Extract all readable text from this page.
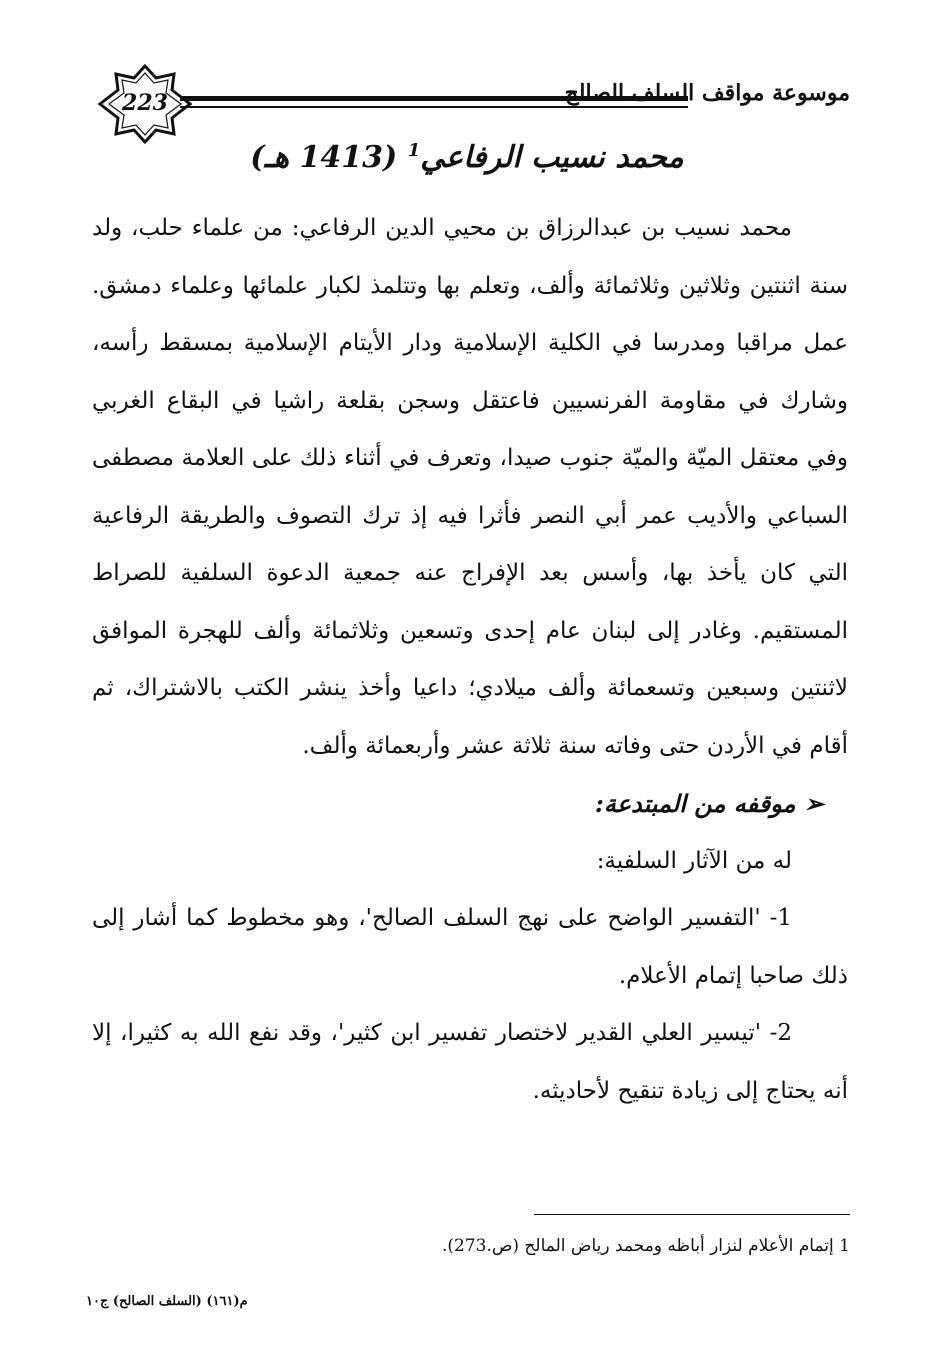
223	موسوعة مواقف السلف الصالح
محمد نسيب الرفاعي$^1$ (1413 هـ)

محمد نسيب بن عبدالرزاق بن محيي الدين الرفاعي: من علماء حلب، ولد سنة اثنتين وثلاثين وثلاثمائة وألف، وتعلم بها وتتلمذ لكبار علمائها وعلماء دمشق. عمل مراقبا ومدرسا في الكلية الإسلامية ودار الأيتام الإسلامية بمسقط رأسه، وشارك في مقاومة الفرنسيين فاعتقل وسجن بقلعة راشيا في البقاع الغربي وفي معتقل الميّة والميّة جنوب صيدا، وتعرف في أثناء ذلك على العلامة مصطفى السباعي والأديب عمر أبي النصر فأثرا فيه إذ ترك التصوف والطريقة الرفاعية التي كان يأخذ بها، وأسس بعد الإفراج عنه جمعية الدعوة السلفية للصراط المستقيم. وغادر إلى لبنان عام إحدى وتسعين وثلاثمائة وألف للهجرة الموافق لاثنتين وسبعين وتسعمائة وألف ميلادي؛ داعيا وأخذ ينشر الكتب بالاشتراك، ثم أقام في الأردن حتى وفاته سنة ثلاثة عشر وأربعمائة وألف.

➢ موقفه من المبتدعة:

له من الآثار السلفية:

1- 'التفسير الواضح على نهج السلف الصالح'، وهو مخطوط كما أشار إلى ذلك صاحبا إتمام الأعلام.

2- 'تيسير العلي القدير لاختصار تفسير ابن كثير'، وقد نفع الله به كثيرا، إلا أنه يحتاج إلى زيادة تنقيح لأحاديثه.

1 إتمام الأعلام لنزار أباظه ومحمد رياض المالح (ص.273).
م(١٦١) (السلف الصالح) ج١٠
